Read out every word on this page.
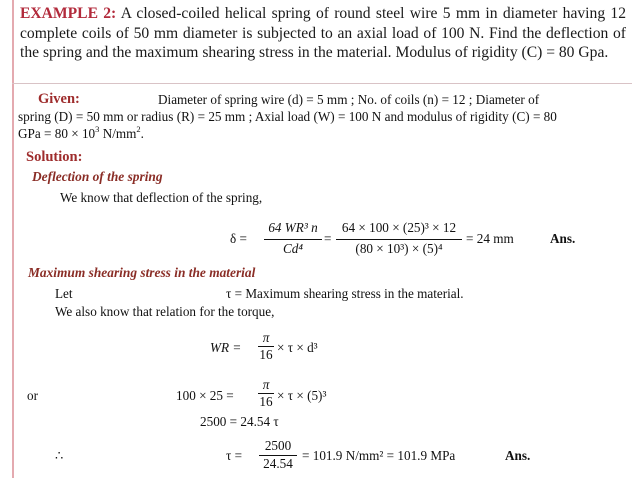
EXAMPLE 2: A closed-coiled helical spring of round steel wire 5 mm in diameter having 12 complete coils of 50 mm diameter is subjected to an axial load of 100 N. Find the deflection of the spring and the maximum shearing stress in the material. Modulus of rigidity (C) = 80 Gpa.
Given:	Diameter of spring wire (d) = 5 mm ; No. of coils (n) = 12 ; Diameter of
spring (D) = 50 mm or radius (R) = 25 mm ; Axial load (W) = 100 N and modulus of rigidity (C) = 80
GPa = $80 \times 10^3$ $N/mm^2$.
Solution:
Deflection of the spring
We know that deflection of the spring,
δ =
64 WR³ n
Cd⁴
=
64 × 100 × (25)³ × 12
(80 × 10³) × (5)⁴
= 24 mm	Ans.
Maximum shearing stress in the material
Let	τ = Maximum shearing stress in the material.
We also know that relation for the torque,
WR =
π
16 × τ × d³
or	100 × 25 =
π
16 × τ × (5)³
2500 = 24.54 τ
∴	τ =
2500
24.54
= 101.9 N/mm² = 101.9 MPa	Ans.
